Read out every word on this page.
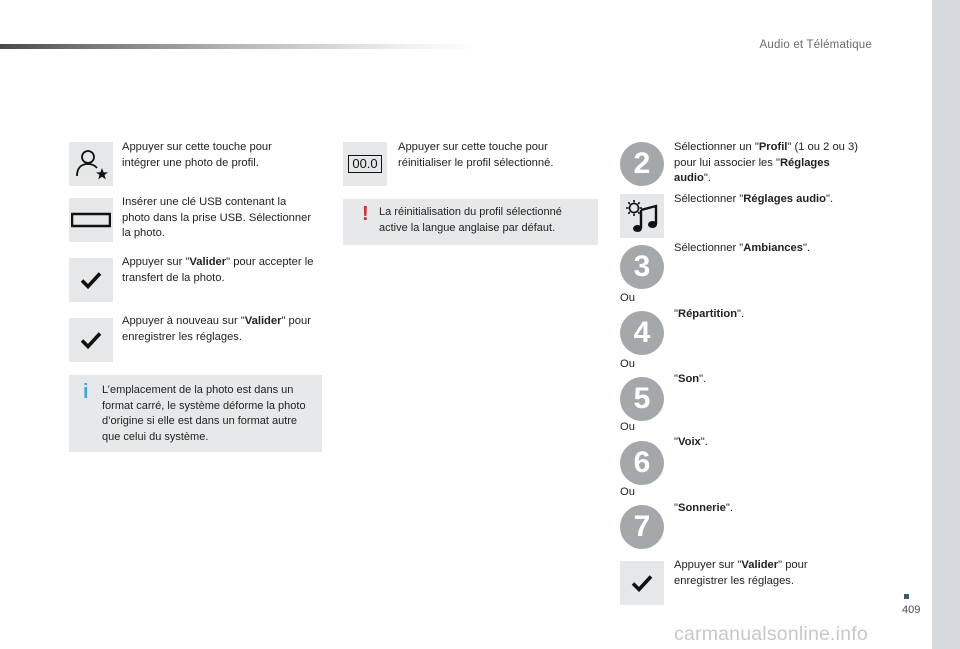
Audio et Télématique
409
carmanualsonline.info
Appuyer sur cette touche pour intégrer une photo de profil.
Insérer une clé USB contenant la photo dans la prise USB. Sélectionner la photo.
Appuyer sur "Valider" pour accepter le transfert de la photo.
Appuyer à nouveau sur "Valider" pour enregistrer les réglages.
i L’emplacement de la photo est dans un format carré, le système déforme la photo d’origine si elle est dans un format autre que celui du système.
00.0
Appuyer sur cette touche pour réinitialiser le profil sélectionné.
! La réinitialisation du profil sélectionné active la langue anglaise par défaut.
2	Sélectionner un "Profil" (1 ou 2 ou 3) pour lui associer les "Réglages audio".
Sélectionner "Réglages audio".
3
Sélectionner "Ambiances".
Ou
4
"Répartition".
Ou
5
"Son".
Ou
6
"Voix".
Ou
7
"Sonnerie".
Appuyer sur "Valider" pour enregistrer les réglages.
